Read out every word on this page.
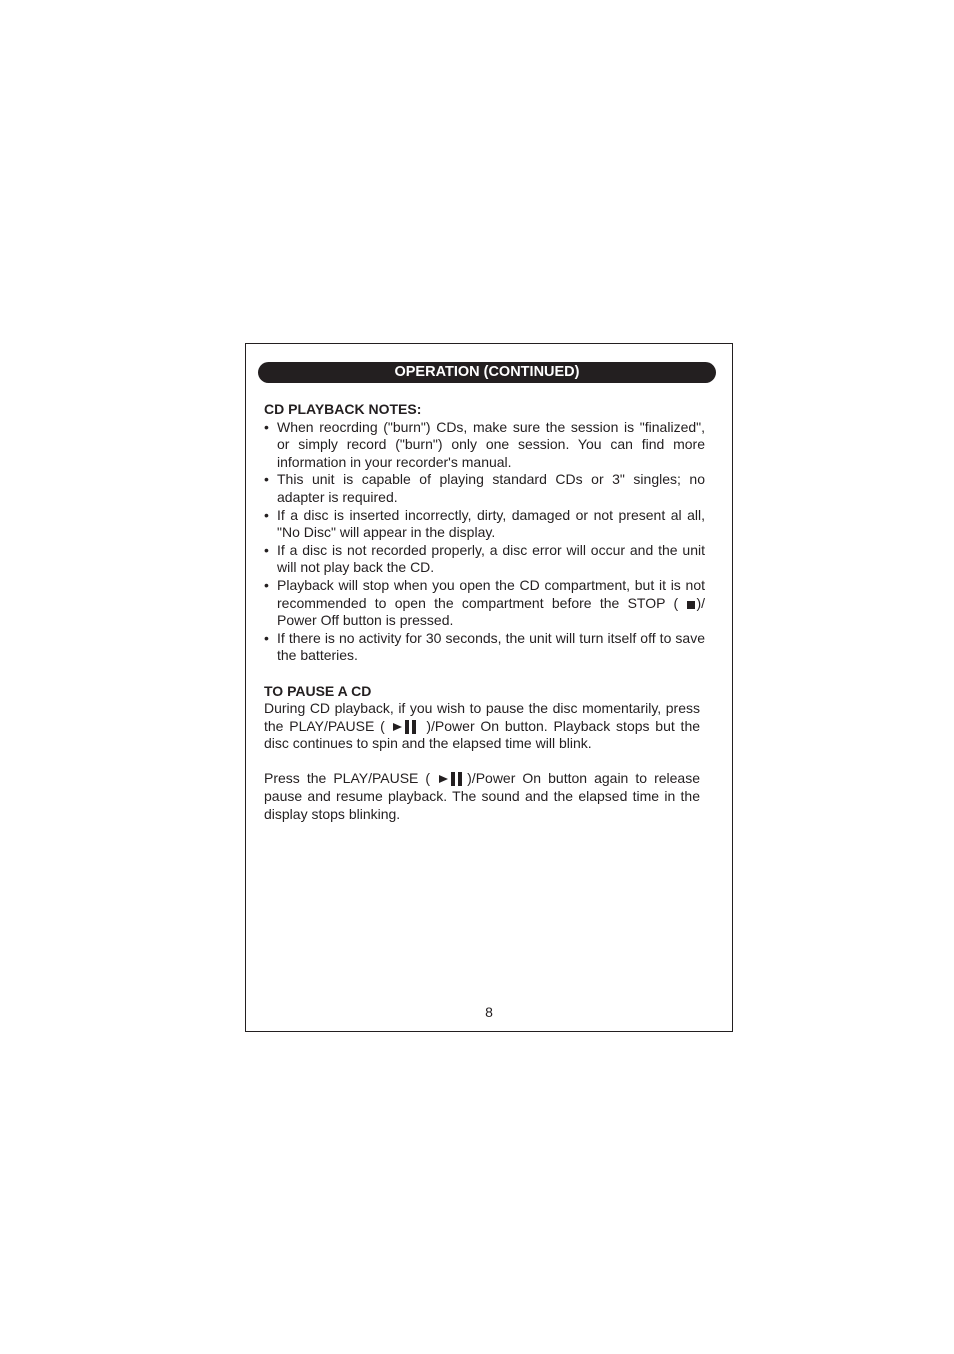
OPERATION (CONTINUED)

CD PLAYBACK NOTES:

• When reocrding ("burn") CDs, make sure the session is "finalized", or simply record ("burn") only one session. You can find more information in your recorder's manual.
• This unit is capable of playing standard CDs or 3" singles; no adapter is required.
• If a disc is inserted incorrectly, dirty, damaged or not present al all, "No Disc" will appear in the display.
• If a disc is not recorded properly, a disc error will occur and the unit will not play back the CD.
• Playback will stop when you open the CD compartment, but it is not recommended to open the compartment before the STOP ( )/ Power Off button is pressed.
• If there is no activity for 30 seconds, the unit will turn itself off to save the batteries.

TO PAUSE A CD

During CD playback, if you wish to pause the disc momentarily, press the PLAY/PAUSE (	)/Power On button. Playback stops but the disc continues to spin and the elapsed time will blink.

Press the PLAY/PAUSE (	)/Power On button again to release pause and resume playback. The sound and the elapsed time in the display stops blinking.

8
